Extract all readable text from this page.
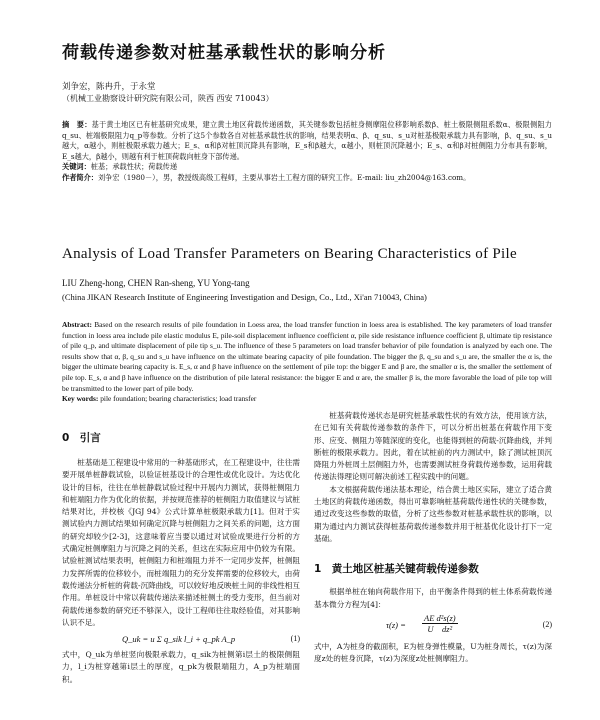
荷载传递参数对桩基承载性状的影响分析
刘争宏，陈冉升，于永堂
（机械工业勘察设计研究院有限公司，陕西 西安 710043）
摘　要：基于黄土地区已有桩基研究成果，建立黄土地区荷载传递函数，其关键参数包括桩身侧摩阻位移影响系数β、桩土极限侧阻系数α、极限侧阻力q_su、桩端极限阻力q_p等参数。分析了这5个参数各自对桩基承载性状的影响，结果表明α、β、q_su、s_u对桩基极限承载力具有影响，β、q_su、s_u越大，α越小，则桩极限承载力越大；E_s、α和β对桩顶沉降具有影响，E_s和β越大，α越小，则桩顶沉降越小；E_s、α和β对桩侧阻力分布具有影响，E_s越大，β越小，则越有利于桩顶荷载向桩身下部传递。
关键词：桩基；承载性状；荷载传递
作者简介：刘争宏（1980－），男，教授级高级工程师，主要从事岩土工程方面的研究工作。E-mail: liu_zh2004@163.com。
Analysis of Load Transfer Parameters on Bearing Characteristics of Pile
LIU Zheng-hong, CHEN Ran-sheng, YU Yong-tang
(China JIKAN Research Institute of Engineering Investigation and Design, Co., Ltd., Xi'an 710043, China)
Abstract: Based on the research results of pile foundation in Loess area, the load transfer function in loess area is established. The key parameters of load transfer function in loess area include pile elastic modulus E, pile-soil displacement influence coefficient α, pile side resistance influence coefficient β, ultimate tip resistance of pile q_p, and ultimate displacement of pile tip s_u. The influence of these 5 parameters on load transfer behavior of pile foundation is analyzed by each one. The results show that α, β, q_su and s_u have influence on the ultimate bearing capacity of pile foundation. The bigger the β, q_su and s_u are, the smaller the α is, the bigger the ultimate bearing capacity is. E_s, α and β have influence on the settlement of pile top: the bigger E and β are, the smaller α is, the smaller the settlement of pile top. E_s, α and β have influence on the distribution of pile lateral resistance: the bigger E and α are, the smaller β is, the more favorable the load of pile top will be transmitted to the lower part of pile body.
Key words: pile foundation; bearing characteristics; load transfer
0　引言
桩基础是工程建设中常用的一种基础形式，在工程建设中，往往需要开展单桩静载试验，以验证桩基设计的合理性或优化设计。为达优化设计的目标，往往在单桩静载试验过程中开展内力测试，获得桩侧阻力和桩端阻力作为优化的依据，并按规范推荐的桩侧阻力取值建议与试桩结果对比，并校核《JGJ 94》公式计算单桩极限承载力[1]。但对于实测试验内力测试结果如何确定沉降与桩侧阻力之间关系的问题，这方面的研究却较少[2-3]，这意味着应当要以通过对试验成果进行分析的方式确定桩侧摩阻力与沉降之间的关系，但这在实际应用中仍较为有限。试验桩测试结果表明，桩侧阻力和桩端阻力并不一定同步发挥，桩侧阻力发挥所需的位移较小，而桩端阻力的充分发挥需要的位移较大，由荷载传递法分析桩的荷载-沉降曲线，可以较好地反映桩土间的非线性相互作用。单桩设计中常以荷载传递法来描述桩侧土的受力变形，但当前对荷载传递参数的研究还不够深入，设计工程师往往取经验值，对其影响认识不足。
Q_uk = u Σ q_sik l_i + q_pk A_p	(1)
式中，Q_uk为单桩竖向极限承载力，q_sik为桩侧第i层土的极限侧阻力，l_i为桩穿越第i层土的厚度，q_pk为极限端阻力，A_p为桩端面积。
桩基荷载传递状态是研究桩基承载性状的有效方法，使用该方法，在已知有关荷载传递参数的条件下，可以分析出桩基在荷载作用下变形、应变、侧阻力等随深度的变化，也能得到桩的荷载-沉降曲线，并判断桩的极限承载力。因此，着在试桩前的内力测试中，除了测试桩顶沉降阻力外桩周土层侧阻力外，也需要测试桩身荷载传递参数，运用荷载传递法得理论则可解决前述工程实践中的问题。
本文根据荷载传递法基本理论，结合黄土地区实际，建立了适合黄土地区的荷载传递函数，得出可靠影响桩基荷载传递性状的关键参数，通过改变这些参数的取值，分析了这些参数对桩基承载性状的影响，以期为通过内力测试获得桩基荷载传递参数并用于桩基优化设计打下一定基础。
1　黄土地区桩基关键荷载传递参数
根据单桩在轴向荷载作用下，由平衡条件得到的桩土体系荷载传递基本微分方程为[4]：
$\tau(z) = \frac{\text{AE d²s(z)}}{\text{U　dz²}}$	(2)
式中，A为桩身的截面积，E为桩身弹性模量，U为桩身周长，τ(z)为深度z处的桩身沉降，τ(z)为深度z处桩侧摩阻力。
